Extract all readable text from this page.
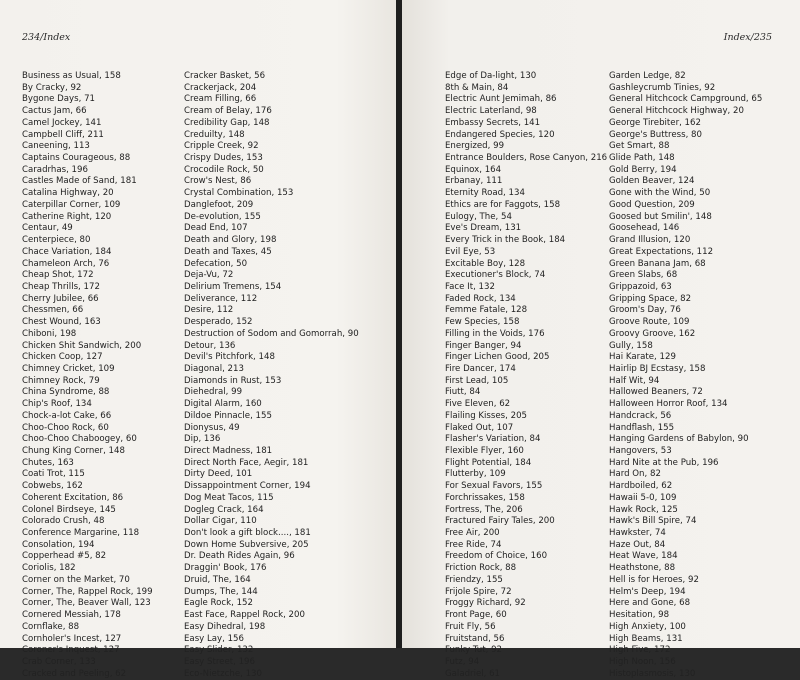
234/Index
Business as Usual, 158
By Cracky, 92
Bygone Days, 71
Cactus Jam, 66
Camel Jockey, 141
Campbell Cliff, 211
Caneening, 113
Captains Courageous, 88
Caradrhas, 196
Castles Made of Sand, 181
Catalina Highway, 20
Caterpillar Corner, 109
Catherine Right, 120
Centaur, 49
Centerpiece, 80
Chace Variation, 184
Chameleon Arch, 76
Cheap Shot, 172
Cheap Thrills, 172
Cherry Jubilee, 66
Chessmen, 66
Chest Wound, 163
Chiboni, 198
Chicken Shit Sandwich, 200
Chicken Coop, 127
Chimney Cricket, 109
Chimney Rock, 79
China Syndrome, 88
Chip's Roof, 134
Chock-a-lot Cake, 66
Choo-Choo Rock, 60
Choo-Choo Chaboogey, 60
Chung King Corner, 148
Chutes, 163
Coati Trot, 115
Cobwebs, 162
Coherent Excitation, 86
Colonel Birdseye, 145
Colorado Crush, 48
Conference Margarine, 118
Consolation, 194
Copperhead #5, 82
Coriolis, 182
Corner on the Market, 70
Corner, The, Rappel Rock, 199
Corner, The, Beaver Wall, 123
Cornered Messiah, 178
Cornflake, 88
Cornholer's Incest, 127
Coroner's Inquest, 127
Crab Corner, 133
Cracked and Peeling, 62
Cracker Basket, 56
Crackerjack, 204
Cream Filling, 66
Cream of Belay, 176
Credibility Gap, 148
Creduilty, 148
Cripple Creek, 92
Crispy Dudes, 153
Crocodile Rock, 50
Crow's Nest, 86
Crystal Combination, 153
Danglefoot, 209
De-evolution, 155
Dead End, 107
Death and Glory, 198
Death and Taxes, 45
Defecation, 50
Deja-Vu, 72
Delirium Tremens, 154
Deliverance, 112
Desire, 112
Desperado, 152
Destruction of Sodom and Gomorrah, 90
Detour, 136
Devil's Pitchfork, 148
Diagonal, 213
Diamonds in Rust, 153
Diehedral, 99
Digital Alarm, 160
Dildoe Pinnacle, 155
Dionysus, 49
Dip, 136
Direct Madness, 181
Direct North Face, Aegir, 181
Dirty Deed, 101
Dissappointment Corner, 194
Dog Meat Tacos, 115
Dogleg Crack, 164
Dollar Cigar, 110
Don't look a gift block...., 181
Down Home Subversive, 205
Dr. Death Rides Again, 96
Draggin' Book, 176
Druid, The, 164
Dumps, The, 144
Eagle Rock, 152
East Face, Rappel Rock, 200
Easy Dihedral, 198
Easy Lay, 156
Easy Slider, 132
Easy Street, 196
Eco-Nietzche, 130
Index/235
Edge of Da-light, 130
8th & Main, 84
Electric Aunt Jemimah, 86
Electric Laterland, 98
Embassy Secrets, 141
Endangered Species, 120
Energized, 99
Entrance Boulders, Rose Canyon, 216
Equinox, 164
Erbanay, 111
Eternity Road, 134
Ethics are for Faggots, 158
Eulogy, The, 54
Eve's Dream, 131
Every Trick in the Book, 184
Evil Eye, 53
Excitable Boy, 128
Executioner's Block, 74
Face It, 132
Faded Rock, 134
Femme Fatale, 128
Few Species, 158
Filling in the Voids, 176
Finger Banger, 94
Finger Lichen Good, 205
Fire Dancer, 174
First Lead, 105
Fiutt, 84
Five Eleven, 62
Flailing Kisses, 205
Flaked Out, 107
Flasher's Variation, 84
Flexible Flyer, 160
Flight Potential, 184
Flutterby, 109
For Sexual Favors, 155
Forchrissakes, 158
Fortress, The, 206
Fractured Fairy Tales, 200
Free Air, 200
Free Ride, 74
Freedom of Choice, 160
Friction Rock, 88
Friendzy, 155
Frijole Spire, 72
Froggy Richard, 92
Front Page, 60
Fruit Fly, 56
Fruitstand, 56
Funky Tut, 92
Futz, 94
Galadriel, 61
Garden Ledge, 82
Gashleycrumb Tinies, 92
General Hitchcock Campground, 65
General Hitchcock Highway, 20
George Tirebiter, 162
George's Buttress, 80
Get Smart, 88
Glide Path, 148
Gold Berry, 194
Golden Beaver, 124
Gone with the Wind, 50
Good Question, 209
Goosed but Smilin', 148
Goosehead, 146
Grand Illusion, 120
Great Expectations, 112
Green Banana Jam, 68
Green Slabs, 68
Grippazoid, 63
Gripping Space, 82
Groom's Day, 76
Groove Route, 109
Groovy Groove, 162
Gully, 158
Hai Karate, 129
Hairlip BJ Ecstasy, 158
Half Wit, 94
Hallowed Beaners, 72
Halloween Horror Roof, 134
Handcrack, 56
Handflash, 155
Hanging Gardens of Babylon, 90
Hangovers, 53
Hard Nite at the Pub, 196
Hard On, 82
Hardboiled, 62
Hawaii 5-0, 109
Hawk Rock, 125
Hawk's Bill Spire, 74
Hawkster, 74
Haze Out, 84
Heat Wave, 184
Heathstone, 88
Hell is for Heroes, 92
Helm's Deep, 194
Here and Gone, 68
Hesitation, 98
High Anxiety, 100
High Beams, 131
High Five, 172
High Noon, 156
Histoplasmosis, 130
